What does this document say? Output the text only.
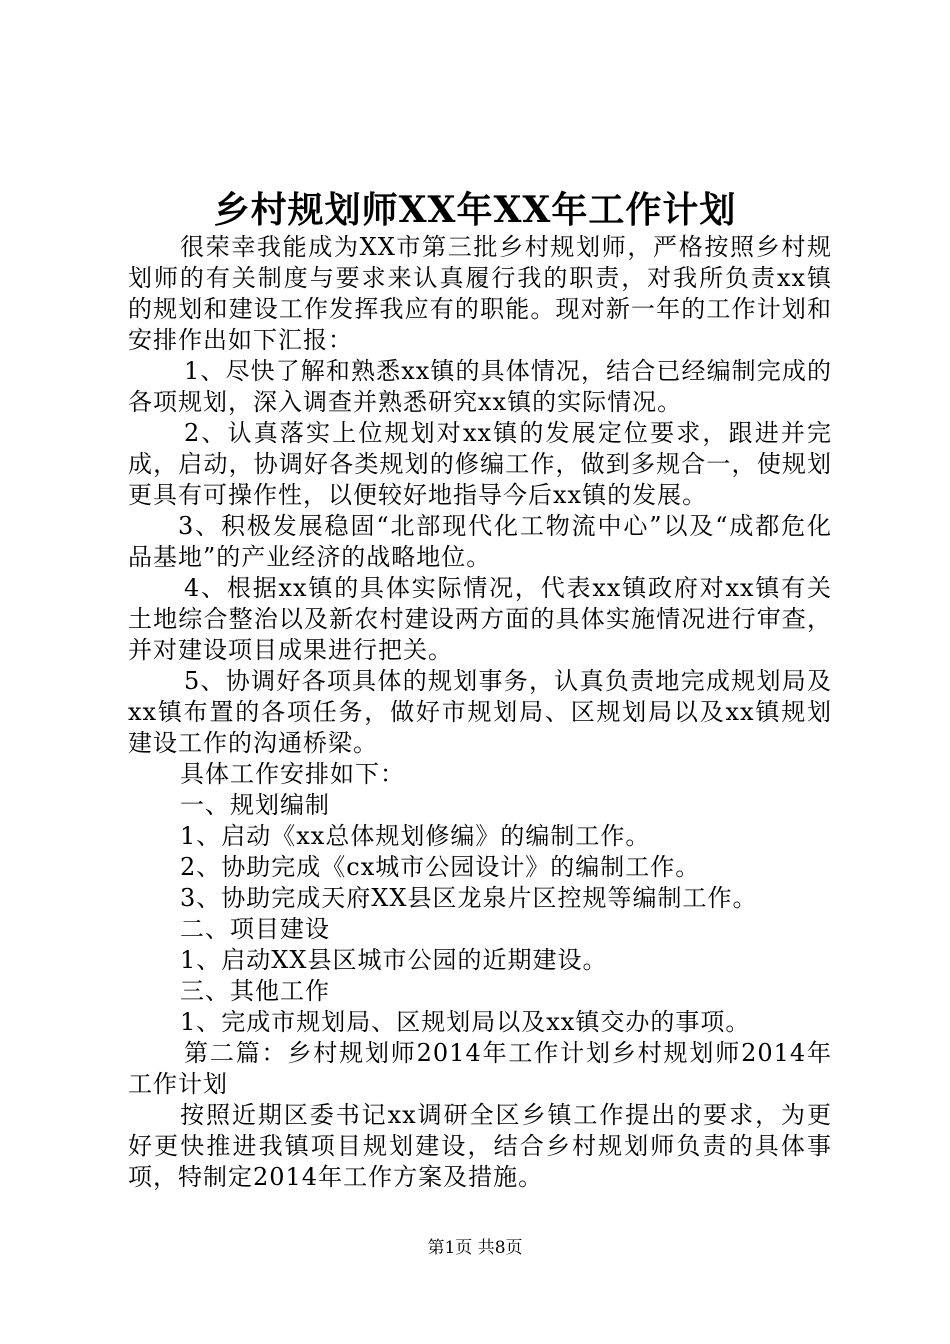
乡村规划师XX年XX年工作计划

很荣幸我能成为XX市第三批乡村规划师，严格按照乡村规划师的有关制度与要求来认真履行我的职责，对我所负责xx镇的规划和建设工作发挥我应有的职能。现对新一年的工作计划和安排作出如下汇报：

1、尽快了解和熟悉xx镇的具体情况，结合已经编制完成的各项规划，深入调查并熟悉研究xx镇的实际情况。

2、认真落实上位规划对xx镇的发展定位要求，跟进并完成，启动，协调好各类规划的修编工作，做到多规合一，使规划更具有可操作性，以便较好地指导今后xx镇的发展。

3、积极发展稳固“北部现代化工物流中心”以及“成都危化品基地”的产业经济的战略地位。

4、根据xx镇的具体实际情况，代表xx镇政府对xx镇有关土地综合整治以及新农村建设两方面的具体实施情况进行审查，并对建设项目成果进行把关。

5、协调好各项具体的规划事务，认真负责地完成规划局及xx镇布置的各项任务，做好市规划局、区规划局以及xx镇规划建设工作的沟通桥梁。

具体工作安排如下：

一、规划编制

1、启动《xx总体规划修编》的编制工作。

2、协助完成《cx城市公园设计》的编制工作。

3、协助完成天府XX县区龙泉片区控规等编制工作。

二、项目建设

1、启动XX县区城市公园的近期建设。

三、其他工作

1、完成市规划局、区规划局以及xx镇交办的事项。

第二篇：乡村规划师2014年工作计划乡村规划师2014年工作计划

按照近期区委书记xx调研全区乡镇工作提出的要求，为更好更快推进我镇项目规划建设，结合乡村规划师负责的具体事项，特制定2014年工作方案及措施。

第1页 共8页
